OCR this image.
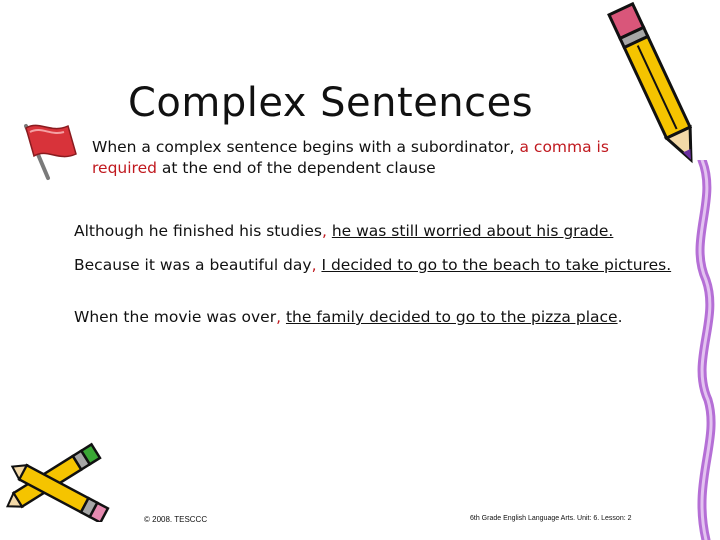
Complex Sentences
When a complex sentence begins with a subordinator, a comma is required at the end of the dependent clause
Although he finished his studies, he was still worried about his grade.
Because it was a beautiful day, I decided to go to the beach to take pictures.
When the movie was over, the family decided to go to the pizza place.
© 2008. TESCCC	6th Grade English Language Arts. Unit: 6. Lesson: 2
